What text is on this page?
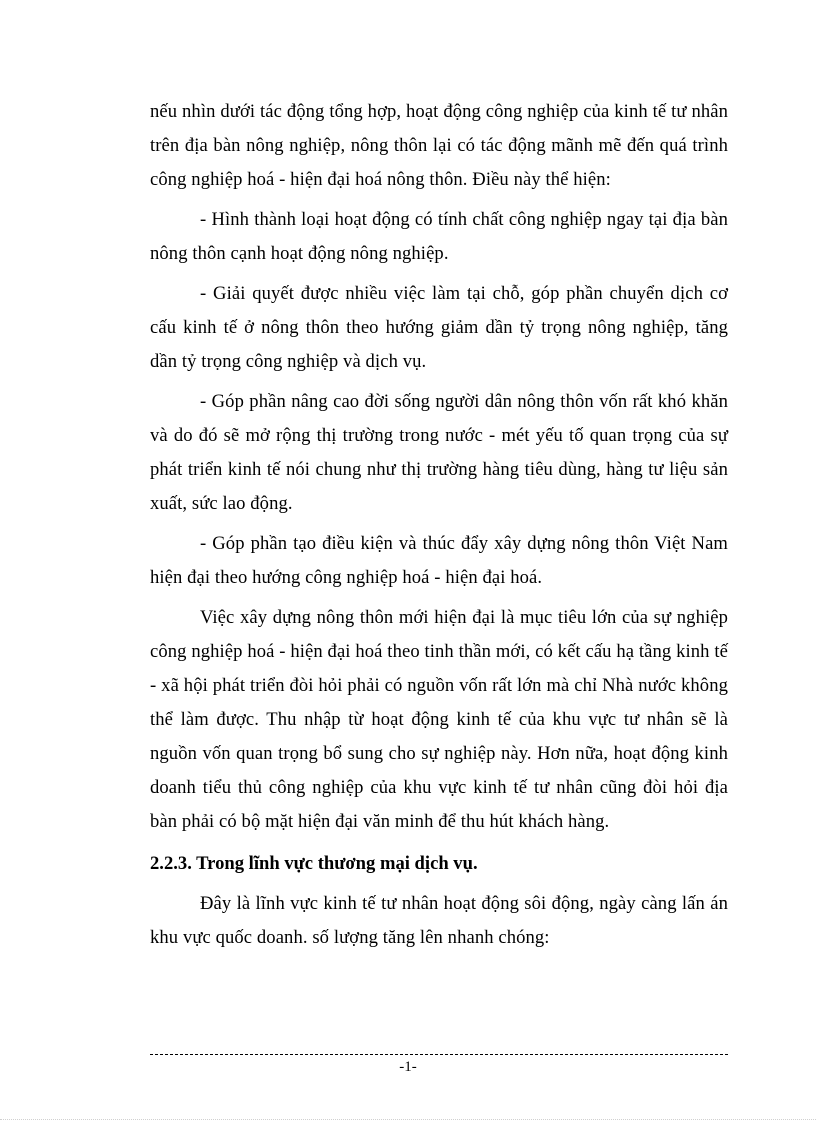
nếu nhìn dưới tác động tổng hợp, hoạt động công nghiệp của kinh tế tư nhân trên địa bàn nông nghiệp, nông thôn lại có tác động mãnh mẽ đến quá trình công nghiệp hoá - hiện đại hoá nông thôn. Điều này thể hiện:

- Hình thành loại hoạt động có tính chất công nghiệp ngay tại địa bàn nông thôn cạnh hoạt động nông nghiệp.

- Giải quyết được nhiều việc làm tại chỗ, góp phần chuyển dịch cơ cấu kinh tế ở nông thôn theo hướng giảm dần tỷ trọng nông nghiệp, tăng dần tỷ trọng công nghiệp và dịch vụ.

- Góp phần nâng cao đời sống người dân nông thôn vốn rất khó khăn và do đó sẽ mở rộng thị trường trong nước - mét yếu tố quan trọng của sự phát triển kinh tế nói chung như thị trường hàng tiêu dùng, hàng tư liệu sản xuất, sức lao động.

- Góp phần tạo điều kiện và thúc đẩy xây dựng nông thôn Việt Nam hiện đại theo hướng công nghiệp hoá - hiện đại hoá.

Việc xây dựng nông thôn mới hiện đại là mục tiêu lớn của sự nghiệp công nghiệp hoá - hiện đại hoá theo tinh thần mới, có kết cấu hạ tầng kinh tế - xã hội phát triển đòi hỏi phải có nguồn vốn rất lớn mà chỉ Nhà nước không thể làm được. Thu nhập từ hoạt động kinh tế của khu vực tư nhân sẽ là nguồn vốn quan trọng bổ sung cho sự nghiệp này. Hơn nữa, hoạt động kinh doanh tiểu thủ công nghiệp của khu vực kinh tế tư nhân cũng đòi hỏi địa bàn phải có bộ mặt hiện đại văn minh để thu hút khách hàng.

2.2.3. Trong lĩnh vực thương mại dịch vụ.

Đây là lĩnh vực kinh tế tư nhân hoạt động sôi động, ngày càng lấn án khu vực quốc doanh. số lượng tăng lên nhanh chóng:

-1-
